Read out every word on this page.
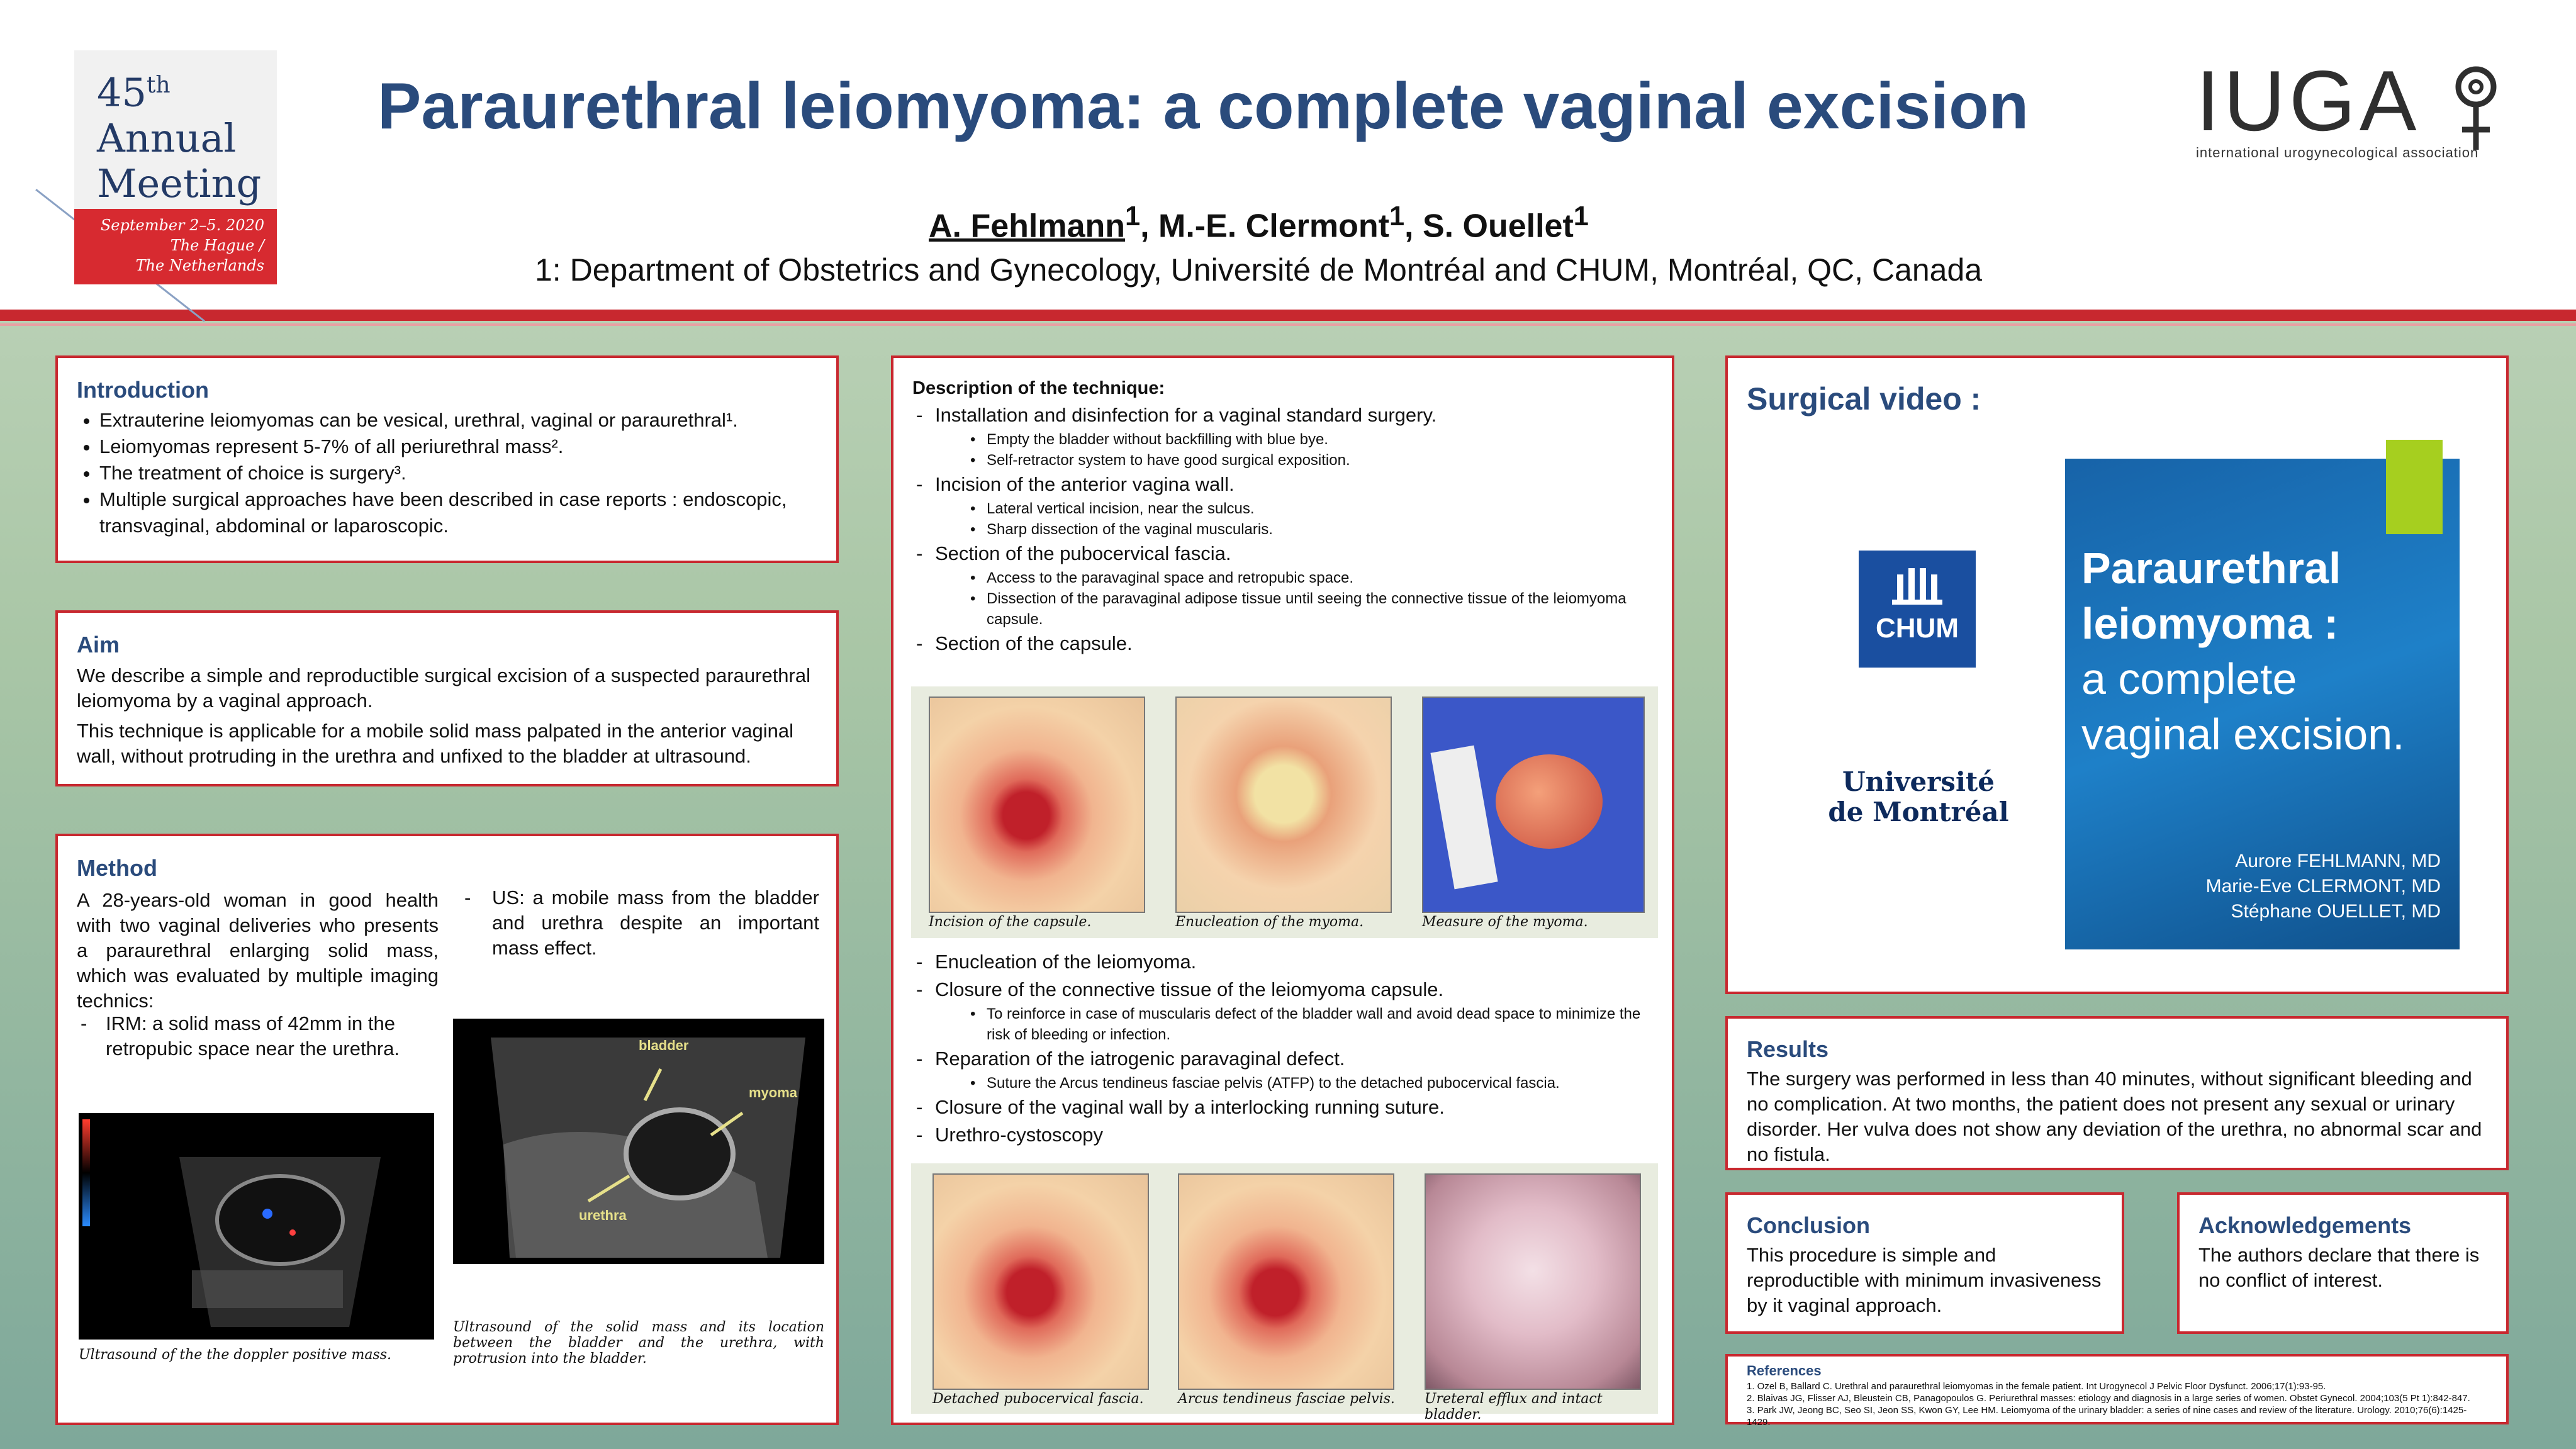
45th
Annual
Meeting
September 2–5. 2020
The Hague /
The Netherlands
Paraurethral leiomyoma: a complete vaginal excision
A. Fehlmann$^1$, M.-E. Clermont$^1$, S. Ouellet$^1$
1: Department of Obstetrics and Gynecology, Université de Montréal and CHUM, Montréal, QC, Canada
IUGA
international urogynecological association
Introduction
• Extrauterine leiomyomas can be vesical, urethral, vaginal or paraurethral¹.
• Leiomyomas represent 5-7% of all periurethral mass².
• The treatment of choice is surgery³.
• Multiple surgical approaches have been described in case reports : endoscopic, transvaginal, abdominal or laparoscopic.
Aim
We describe a simple and reproductible surgical excision of a suspected paraurethral leiomyoma by a vaginal approach.
This technique is applicable for a mobile solid mass palpated in the anterior vaginal wall, without protruding in the urethra and unfixed to the bladder at ultrasound.
Method
A 28-years-old woman in good health with two vaginal deliveries who presents a paraurethral enlarging solid mass, which was evaluated by multiple imaging technics:
- IRM: a solid mass of 42mm in the retropubic space near the urethra.
- US: a mobile mass from the bladder and urethra despite an important mass effect.
Ultrasound of the the doppler positive mass.
bladder
myoma
urethra
Ultrasound of the solid mass and its location between the bladder and the urethra, with protrusion into the bladder.
Description of the technique:
- Installation and disinfection for a vaginal standard surgery.
• Empty the bladder without backfilling with blue bye.
• Self-retractor system to have good surgical exposition.
- Incision of the anterior vagina wall.
• Lateral vertical incision, near the sulcus.
• Sharp dissection of the vaginal muscularis.
- Section of the pubocervical fascia.
• Access to the paravaginal space and retropubic space.
• Dissection of the paravaginal adipose tissue until seeing the connective tissue of the leiomyoma capsule.
- Section of the capsule.
Incision of the capsule.	Enucleation of the myoma.	Measure of the myoma.
- Enucleation of the leiomyoma.
- Closure of the connective tissue of the leiomyoma capsule.
• To reinforce in case of muscularis defect of the bladder wall and avoid dead space to minimize the risk of bleeding or infection.
- Reparation of the iatrogenic paravaginal defect.
• Suture the Arcus tendineus fasciae pelvis (ATFP) to the detached pubocervical fascia.
- Closure of the vaginal wall by a interlocking running suture.
- Urethro-cystoscopy
Detached pubocervical fascia. Arcus tendineus fasciae pelvis. Ureteral efflux and intact bladder.
Surgical video :
CHUM
Université
de Montréal
Paraurethral
leiomyoma :
a complete
vaginal excision.
Aurore FEHLMANN, MD
Marie-Eve CLERMONT, MD
Stéphane OUELLET, MD
Results
The surgery was performed in less than 40 minutes, without significant bleeding and no complication. At two months, the patient does not present any sexual or urinary disorder. Her vulva does not show any deviation of the urethra, no abnormal scar and no fistula.
Conclusion
This procedure is simple and reproductible with minimum invasiveness by it vaginal approach.
Acknowledgements
The authors declare that there is no conflict of interest.
References
1. Ozel B, Ballard C. Urethral and paraurethral leiomyomas in the female patient. Int Urogynecol J Pelvic Floor Dysfunct. 2006;17(1):93-95.
2. Blaivas JG, Flisser AJ, Bleustein CB, Panagopoulos G. Periurethral masses: etiology and diagnosis in a large series of women. Obstet Gynecol. 2004;103(5 Pt 1):842-847.
3. Park JW, Jeong BC, Seo SI, Jeon SS, Kwon GY, Lee HM. Leiomyoma of the urinary bladder: a series of nine cases and review of the literature. Urology. 2010;76(6):1425-1429.
